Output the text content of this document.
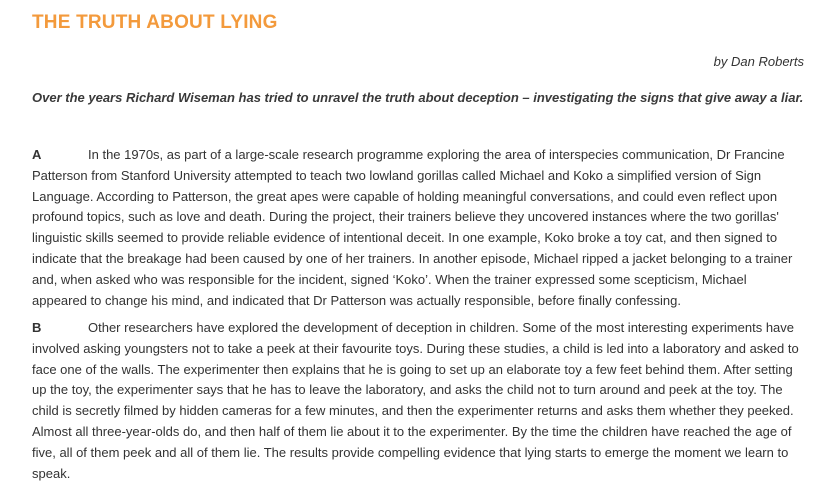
THE TRUTH ABOUT LYING
by Dan Roberts

Over the years Richard Wiseman has tried to unravel the truth about deception – investigating the signs that give away a liar.

A	In the 1970s, as part of a large-scale research programme exploring the area of interspecies communication, Dr Francine Patterson from Stanford University attempted to teach two lowland gorillas called Michael and Koko a simplified version of Sign Language. According to Patterson, the great apes were capable of holding meaningful conversations, and could even reflect upon profound topics, such as love and death. During the project, their trainers believe they uncovered instances where the two gorillas' linguistic skills seemed to provide reliable evidence of intentional deceit. In one example, Koko broke a toy cat, and then signed to indicate that the breakage had been caused by one of her trainers. In another episode, Michael ripped a jacket belonging to a trainer and, when asked who was responsible for the incident, signed ‘Koko’. When the trainer expressed some scepticism, Michael appeared to change his mind, and indicated that Dr Patterson was actually responsible, before finally confessing.

B	Other researchers have explored the development of deception in children. Some of the most interesting experiments have involved asking youngsters not to take a peek at their favourite toys. During these studies, a child is led into a laboratory and asked to face one of the walls. The experimenter then explains that he is going to set up an elaborate toy a few feet behind them. After setting up the toy, the experimenter says that he has to leave the laboratory, and asks the child not to turn around and peek at the toy. The child is secretly filmed by hidden cameras for a few minutes, and then the experimenter returns and asks them whether they peeked. Almost all three-year-olds do, and then half of them lie about it to the experimenter. By the time the children have reached the age of five, all of them peek and all of them lie. The results provide compelling evidence that lying starts to emerge the moment we learn to speak.
